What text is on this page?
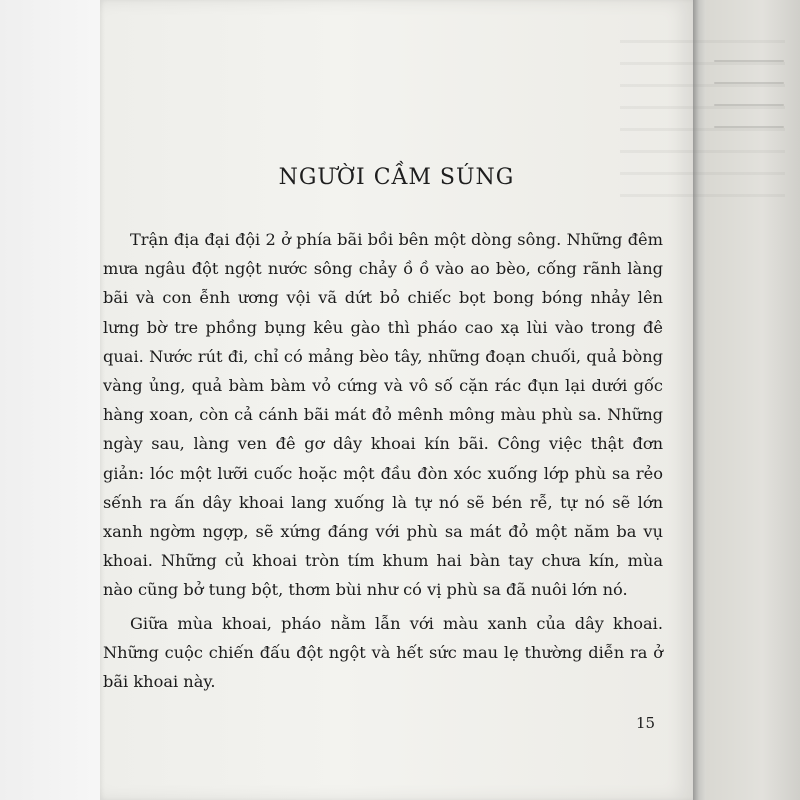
NGƯỜI CẦM SÚNG

Trận địa đại đội 2 ở phía bãi bồi bên một dòng sông. Những đêm mưa ngâu đột ngột nước sông chảy ồ ồ vào ao bèo, cống rãnh làng bãi và con ễnh ương vội vã dứt bỏ chiếc bọt bong bóng nhảy lên lưng bờ tre phồng bụng kêu gào thì pháo cao xạ lùi vào trong đê quai. Nước rút đi, chỉ có mảng bèo tây, những đoạn chuối, quả bòng vàng ủng, quả bàm bàm vỏ cứng và vô số cặn rác đụn lại dưới gốc hàng xoan, còn cả cánh bãi mát đỏ mênh mông màu phù sa. Những ngày sau, làng ven đê gơ dây khoai kín bãi. Công việc thật đơn giản: lóc một lưỡi cuốc hoặc một đầu đòn xóc xuống lớp phù sa rẻo sếnh ra ấn dây khoai lang xuống là tự nó sẽ bén rễ, tự nó sẽ lớn xanh ngờm ngợp, sẽ xứng đáng với phù sa mát đỏ một năm ba vụ khoai. Những củ khoai tròn tím khum hai bàn tay chưa kín, mùa nào cũng bở tung bột, thơm bùi như có vị phù sa đã nuôi lớn nó.

Giữa mùa khoai, pháo nằm lẫn với màu xanh của dây khoai. Những cuộc chiến đấu đột ngột và hết sức mau lẹ thường diễn ra ở bãi khoai này.

15
